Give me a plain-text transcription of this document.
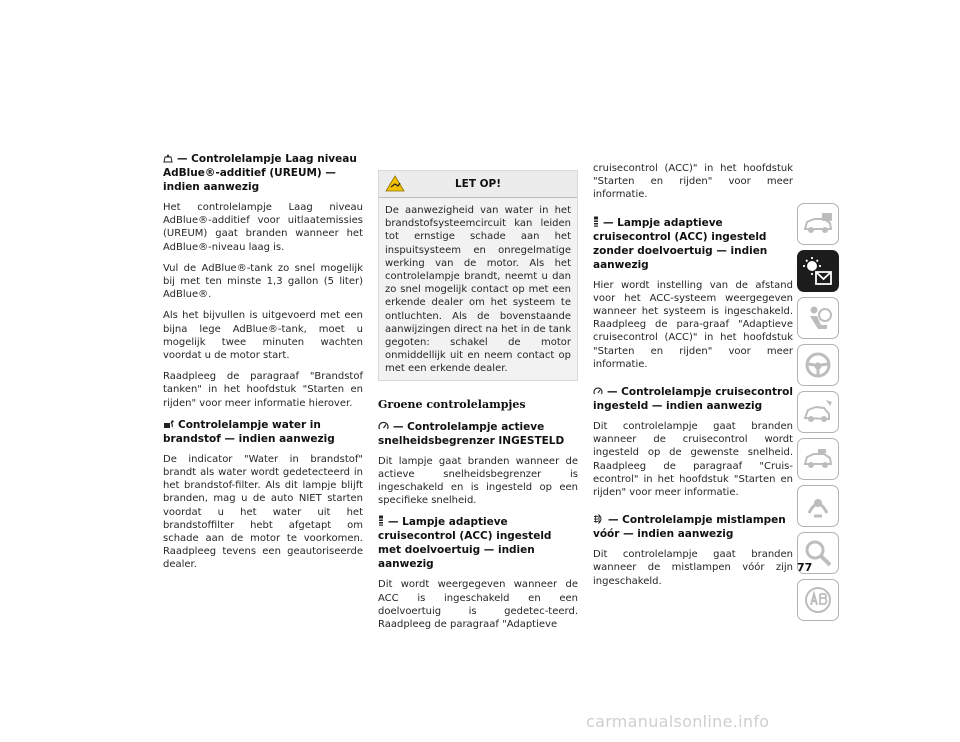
— Controlelampje Laag niveau AdBlue®-additief (UREUM) — indien aanwezig

Het controlelampje Laag niveau AdBlue®-additief voor uitlaatemissies (UREUM) gaat branden wanneer het AdBlue®-niveau laag is.

Vul de AdBlue®-tank zo snel mogelijk bij met ten minste 1,3 gallon (5 liter) AdBlue®.

Als het bijvullen is uitgevoerd met een bijna lege AdBlue®-tank, moet u mogelijk twee minuten wachten voordat u de motor start.

Raadpleeg de paragraaf "Brandstof tanken" in het hoofdstuk "Starten en rijden" voor meer informatie hierover.

Controlelampje water in brandstof — indien aanwezig

De indicator "Water in brandstof" brandt als water wordt gedetecteerd in het brandstof-filter. Als dit lampje blijft branden, mag u de auto NIET starten voordat u het water uit het brandstoffilter hebt afgetapt om schade aan de motor te voorkomen. Raadpleeg tevens een geautoriseerde dealer.

LET OP!

De aanwezigheid van water in het brandstofsysteemcircuit kan leiden tot ernstige schade aan het inspuitsysteem en onregelmatige werking van de motor. Als het controlelampje brandt, neemt u dan zo snel mogelijk contact op met een erkende dealer om het systeem te ontluchten. Als de bovenstaande aanwijzingen direct na het in de tank gegoten: schakel de motor onmiddellijk uit en neem contact op met een erkende dealer.

Groene controlelampjes
— Controlelampje actieve snelheidsbegrenzer INGESTELD

Dit lampje gaat branden wanneer de actieve snelheidsbegrenzer is ingeschakeld en is ingesteld op een specifieke snelheid.

— Lampje adaptieve cruisecontrol (ACC) ingesteld met doelvoertuig — indien aanwezig

Dit wordt weergegeven wanneer de ACC is ingeschakeld en een doelvoertuig is gedetec-teerd. Raadpleeg de paragraaf "Adaptieve

cruisecontrol (ACC)" in het hoofdstuk "Starten en rijden" voor meer informatie.

— Lampje adaptieve cruisecontrol (ACC) ingesteld zonder doelvoertuig — indien aanwezig

Hier wordt instelling van de afstand voor het ACC-systeem weergegeven wanneer het systeem is ingeschakeld. Raadpleeg de para-graaf "Adaptieve cruisecontrol (ACC)" in het hoofdstuk "Starten en rijden" voor meer informatie.

— Controlelampje cruisecontrol ingesteld — indien aanwezig

Dit controlelampje gaat branden wanneer de cruisecontrol wordt ingesteld op de gewenste snelheid. Raadpleeg de paragraaf "Cruis-econtrol" in het hoofdstuk "Starten en rijden" voor meer informatie.

— Controlelampje mistlampen vóór — indien aanwezig

Dit controlelampje gaat branden wanneer de mistlampen vóór zijn ingeschakeld.

77
carmanualsonline.info
